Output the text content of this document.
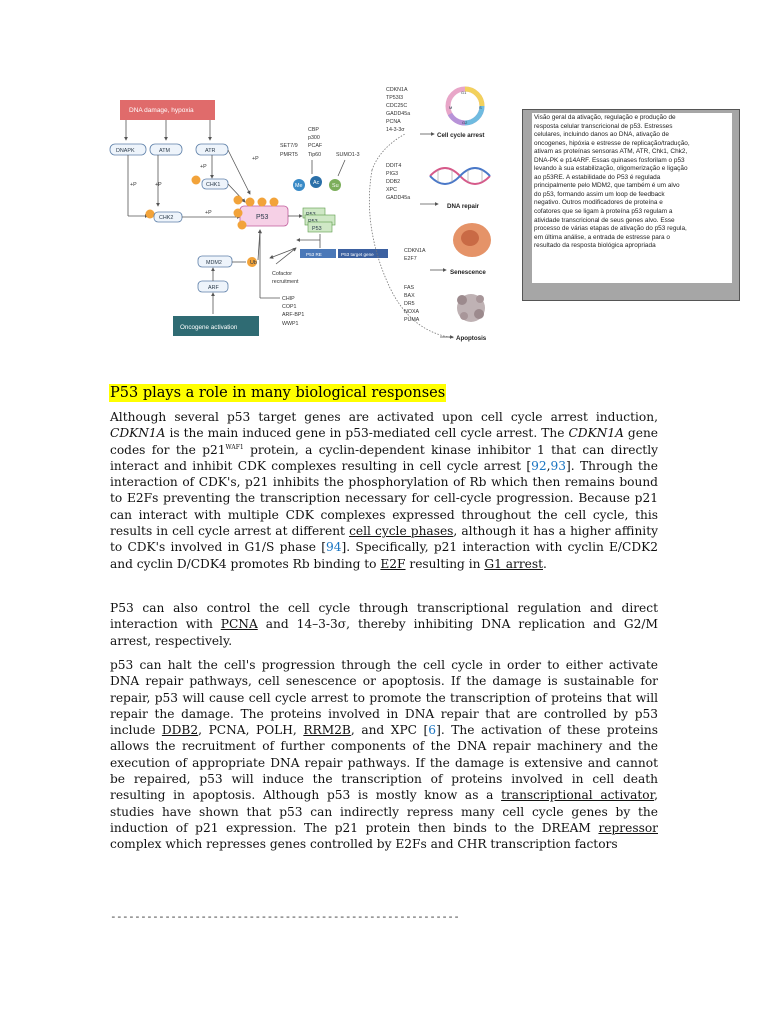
DNA damage, hypoxia
DNAPK	ATM	ATR
+P	+P
+P
+P
+P
CHK1
CHK2	P53
CBP
p300
PCAF
Tip60
SET7/9
PMRT5	SUMO1-3
Me Ac Su
P53
P53 RE	P53 target gene
MDM2	Ub
ARF
Oncogene activation
Cofactor
recruitment
CHIP
COP1
ARF-BP1
WWP1
CDKN1A
TP53I3
CDC25C
GADD45a
PCNA
14-3-3σ
G1
S
G2
M
Cell cycle arrest
DDIT4
PIG3
DDB2
XPC
GADD45a
DNA repair
CDKN1A
E2F7
Senescence
FAS
BAX
DR5
NOXA
PUMA
Apoptosis
Visão geral da ativação, regulação e produção de
resposta celular transcricional de p53. Estresses
celulares, incluindo danos ao DNA, ativação de
oncogenes, hipóxia e estresse de replicação/tradução,
ativam as proteínas sensoras ATM, ATR, Chk1, Chk2,
DNA-PK e p14ARF. Essas quinases fosforilam o p53
levando à sua estabilização, oligomerização e ligação
ao p53RE. A estabilidade do P53 é regulada
principalmente pelo MDM2, que também é um alvo
do p53, formando assim um loop de feedback
negativo. Outros modificadores de proteína e
cofatores que se ligam à proteína p53 regulam a
atividade transcricional de seus genes alvo. Esse
processo de várias etapas de ativação do p53 regula,
em última análise, a entrada de estresse para o
resultado da resposta biológica apropriada
P53 plays a role in many biological responses

Although several p53 target genes are activated upon cell cycle arrest induction, CDKN1A is the main induced gene in p53-mediated cell cycle arrest. The CDKN1A gene codes for the $p21^{WAF1}$ protein, a cyclin-dependent kinase inhibitor 1 that can directly interact and inhibit CDK complexes resulting in cell cycle arrest [92,93]. Through the interaction of CDK's, p21 inhibits the phosphorylation of Rb which then remains bound to E2Fs preventing the transcription necessary for cell-cycle progression. Because p21 can interact with multiple CDK complexes expressed throughout the cell cycle, this results in cell cycle arrest at different cell cycle phases, although it has a higher affinity to CDK's involved in G1/S phase [94]. Specifically, p21 interaction with cyclin E/CDK2 and cyclin D/CDK4 promotes Rb binding to E2F resulting in G1 arrest.

P53 can also control the cell cycle through transcriptional regulation and direct interaction with PCNA and 14–3-3σ, thereby inhibiting DNA replication and G2/M arrest, respectively.

p53 can halt the cell's progression through the cell cycle in order to either activate DNA repair pathways, cell senescence or apoptosis. If the damage is sustainable for repair, p53 will cause cell cycle arrest to promote the transcription of proteins that will repair the damage. The proteins involved in DNA repair that are controlled by p53 include DDB2, PCNA, POLH, RRM2B, and XPC [6]. The activation of these proteins allows the recruitment of further components of the DNA repair machinery and the execution of appropriate DNA repair pathways. If the damage is extensive and cannot be repaired, p53 will induce the transcription of proteins involved in cell death resulting in apoptosis. Although p53 is mostly know as a transcriptional activator, studies have shown that p53 can indirectly repress many cell cycle genes by the induction of p21 expression. The p21 protein then binds to the DREAM repressor complex which represses genes controlled by E2Fs and CHR transcription factors

----------------------------------------------------------
